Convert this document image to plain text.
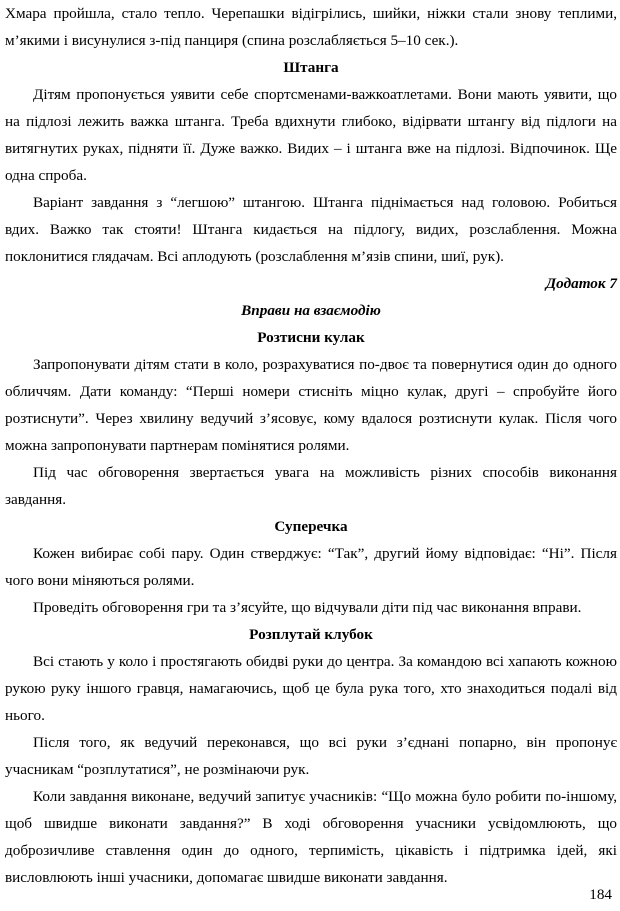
Хмара пройшла, стало тепло. Черепашки відігрілись, шийки, ніжки стали знову теплими, м’якими і висунулися з-під панциря (спина розслабляється 5–10 сек.).

Штанга

Дітям пропонується уявити себе спортсменами-важкоатлетами. Вони мають уявити, що на підлозі лежить важка штанга. Треба вдихнути глибоко, відірвати штангу від підлоги на витягнутих руках, підняти її. Дуже важко. Видих – і штанга вже на підлозі. Відпочинок. Ще одна спроба.

Варіант завдання з “легшою” штангою. Штанга піднімається над головою. Робиться вдих. Важко так стояти! Штанга кидається на підлогу, видих, розслаблення. Можна поклонитися глядачам. Всі аплодують (розслаблення м’язів спини, шиї, рук).

Додаток 7

Вправи на взаємодію

Розтисни кулак

Запропонувати дітям стати в коло, розрахуватися по-двоє та повернутися один до одного обличчям. Дати команду: “Перші номери стисніть міцно кулак, другі – спробуйте його розтиснути”. Через хвилину ведучий з’ясовує, кому вдалося розтиснути кулак. Після чого можна запропонувати партнерам помінятися ролями.

Під час обговорення звертається увага на можливість різних способів виконання завдання.

Суперечка

Кожен вибирає собі пару. Один стверджує: “Так”, другий йому відповідає: “Ні”. Після чого вони міняються ролями.

Проведіть обговорення гри та з’ясуйте, що відчували діти під час виконання вправи.

Розплутай клубок

Всі стають у коло і простягають обидві руки до центра. За командою всі хапають кожною рукою руку іншого гравця, намагаючись, щоб це була рука того, хто знаходиться подалі від нього.

Після того, як ведучий переконався, що всі руки з’єднані попарно, він пропонує учасникам “розплутатися”, не розмінаючи рук.

Коли завдання виконане, ведучий запитує учасників: “Що можна було робити по-іншому, щоб швидше виконати завдання?” В ході обговорення учасники усвідомлюють, що доброзичливе ставлення один до одного, терпимість, цікавість і підтримка ідей, які висловлюють інші учасники, допомагає швидше виконати завдання.

184
